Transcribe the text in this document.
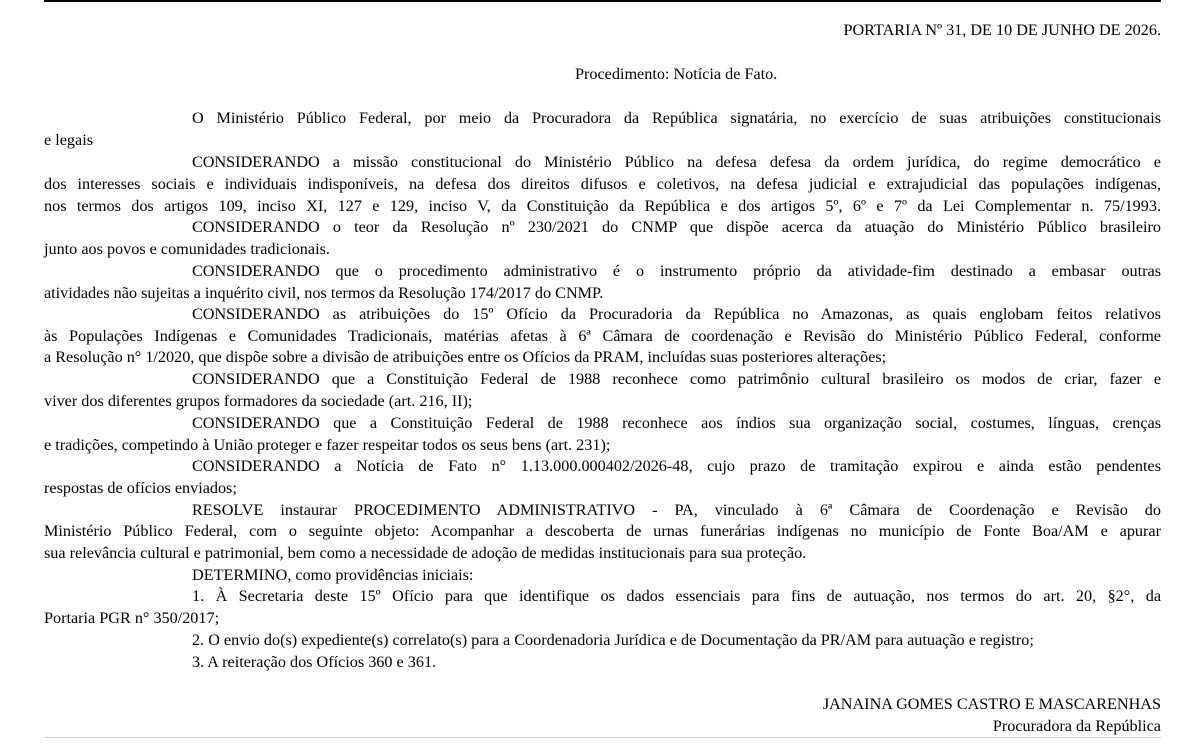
PORTARIA Nº 31, DE 10 DE JUNHO DE 2026.
Procedimento: Notícia de Fato.
O Ministério Público Federal, por meio da Procuradora da República signatária, no exercício de suas atribuições constitucionais
e legais
CONSIDERANDO a missão constitucional do Ministério Público na defesa defesa da ordem jurídica, do regime democrático e
dos interesses sociais e individuais indisponíveis, na defesa dos direitos difusos e coletivos, na defesa judicial e extrajudicial das populações indígenas,
nos termos dos artigos 109, inciso XI, 127 e 129, inciso V, da Constituição da República e dos artigos 5º, 6º e 7º da Lei Complementar n. 75/1993.
CONSIDERANDO o teor da Resolução nº 230/2021 do CNMP que dispõe acerca da atuação do Ministério Público brasileiro
junto aos povos e comunidades tradicionais.
CONSIDERANDO que o procedimento administrativo é o instrumento próprio da atividade-fim destinado a embasar outras
atividades não sujeitas a inquérito civil, nos termos da Resolução 174/2017 do CNMP.
CONSIDERANDO as atribuições do 15º Ofício da Procuradoria da República no Amazonas, as quais englobam feitos relativos
às Populações Indígenas e Comunidades Tradicionais, matérias afetas à 6ª Câmara de coordenação e Revisão do Ministério Público Federal, conforme
a Resolução n° 1/2020, que dispõe sobre a divisão de atribuições entre os Ofícios da PRAM, incluídas suas posteriores alterações;
CONSIDERANDO que a Constituição Federal de 1988 reconhece como patrimônio cultural brasileiro os modos de criar, fazer e
viver dos diferentes grupos formadores da sociedade (art. 216, II);
CONSIDERANDO que a Constituição Federal de 1988 reconhece aos índios sua organização social, costumes, línguas, crenças
e tradições, competindo à União proteger e fazer respeitar todos os seus bens (art. 231);
CONSIDERANDO a Notícia de Fato n° 1.13.000.000402/2026-48, cujo prazo de tramitação expirou e ainda estão pendentes
respostas de ofícios enviados;
RESOLVE instaurar PROCEDIMENTO ADMINISTRATIVO - PA, vinculado à 6ª Câmara de Coordenação e Revisão do
Ministério Público Federal, com o seguinte objeto: Acompanhar a descoberta de urnas funerárias indígenas no município de Fonte Boa/AM e apurar
sua relevância cultural e patrimonial, bem como a necessidade de adoção de medidas institucionais para sua proteção.
DETERMINO, como providências iniciais:
1. À Secretaria deste 15º Ofício para que identifique os dados essenciais para fins de autuação, nos termos do art. 20, §2°, da
Portaria PGR n° 350/2017;
2. O envio do(s) expediente(s) correlato(s) para a Coordenadoria Jurídica e de Documentação da PR/AM para autuação e registro;
3. A reiteração dos Ofícios 360 e 361.
JANAINA GOMES CASTRO E MASCARENHAS
Procuradora da República
